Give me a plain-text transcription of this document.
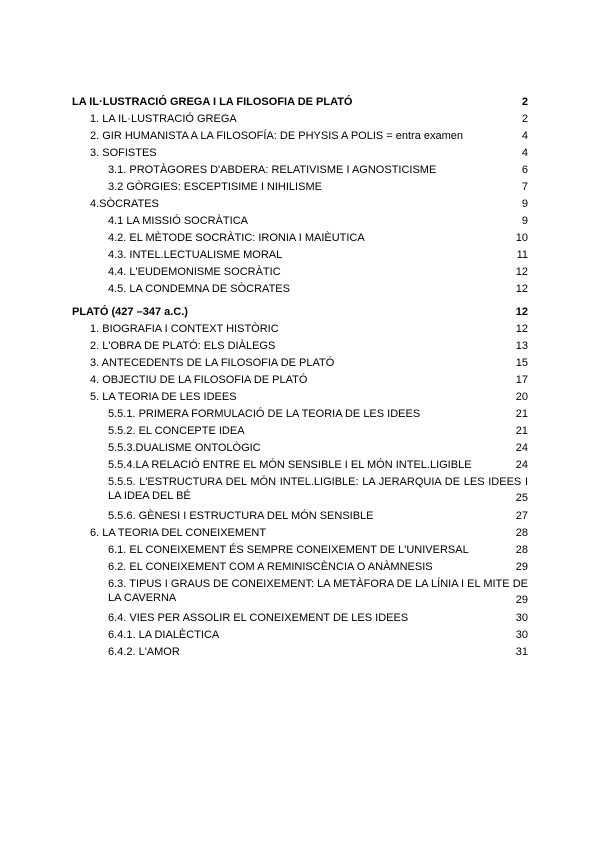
LA IL·LUSTRACIÓ GREGA I LA FILOSOFIA DE PLATÓ	2
1. LA IL·LUSTRACIÓ GREGA	2
2. GIR HUMANISTA A LA FILOSOFÍA: DE PHYSIS A POLIS = entra examen	4
3. SOFISTES	4
3.1. PROTÀGORES D'ABDERA: RELATIVISME I AGNOSTICISME	6
3.2 GÒRGIES: ESCEPTISIME I NIHILISME	7
4.SÒCRATES	9
4.1 LA MISSIÓ SOCRÀTICA	9
4.2. EL MÈTODE SOCRÀTIC: IRONIA I MAIÈUTICA	10
4.3. INTEL.LECTUALISME MORAL	11
4.4. L'EUDEMONISME SOCRÀTIC	12
4.5. LA CONDEMNA DE SÒCRATES	12
PLATÓ (427 –347 a.C.)	12
1. BIOGRAFIA I CONTEXT HISTÒRIC	12
2. L'OBRA DE PLATÓ: ELS DIÀLEGS	13
3. ANTECEDENTS DE LA FILOSOFIA DE PLATÓ	15
4. OBJECTIU DE LA FILOSOFIA DE PLATÓ	17
5. LA TEORIA DE LES IDEES	20
5.5.1. PRIMERA FORMULACIÓ DE LA TEORIA DE LES IDEES	21
5.5.2. EL CONCEPTE IDEA	21
5.5.3.DUALISME ONTOLÒGIC	24
5.5.4.LA RELACIÓ ENTRE EL MÓN SENSIBLE I EL MÓN INTEL.LIGIBLE	24
5.5.5. L'ESTRUCTURA DEL MÓN INTEL.LIGIBLE: LA JERARQUIA DE LES IDEES I LA IDEA DEL BÉ	25
5.5.6. GÈNESI I ESTRUCTURA DEL MÓN SENSIBLE	27
6. LA TEORIA DEL CONEIXEMENT	28
6.1. EL CONEIXEMENT ÉS SEMPRE CONEIXEMENT DE L'UNIVERSAL	28
6.2. EL CONEIXEMENT COM A REMINISCÈNCIA O ANÀMNESIS	29
6.3. TIPUS I GRAUS DE CONEIXEMENT: LA METÀFORA DE LA LÍNIA I EL MITE DE LA CAVERNA	29
6.4. VIES PER ASSOLIR EL CONEIXEMENT DE LES IDEES	30
6.4.1. LA DIALÈCTICA	30
6.4.2. L'AMOR	31
